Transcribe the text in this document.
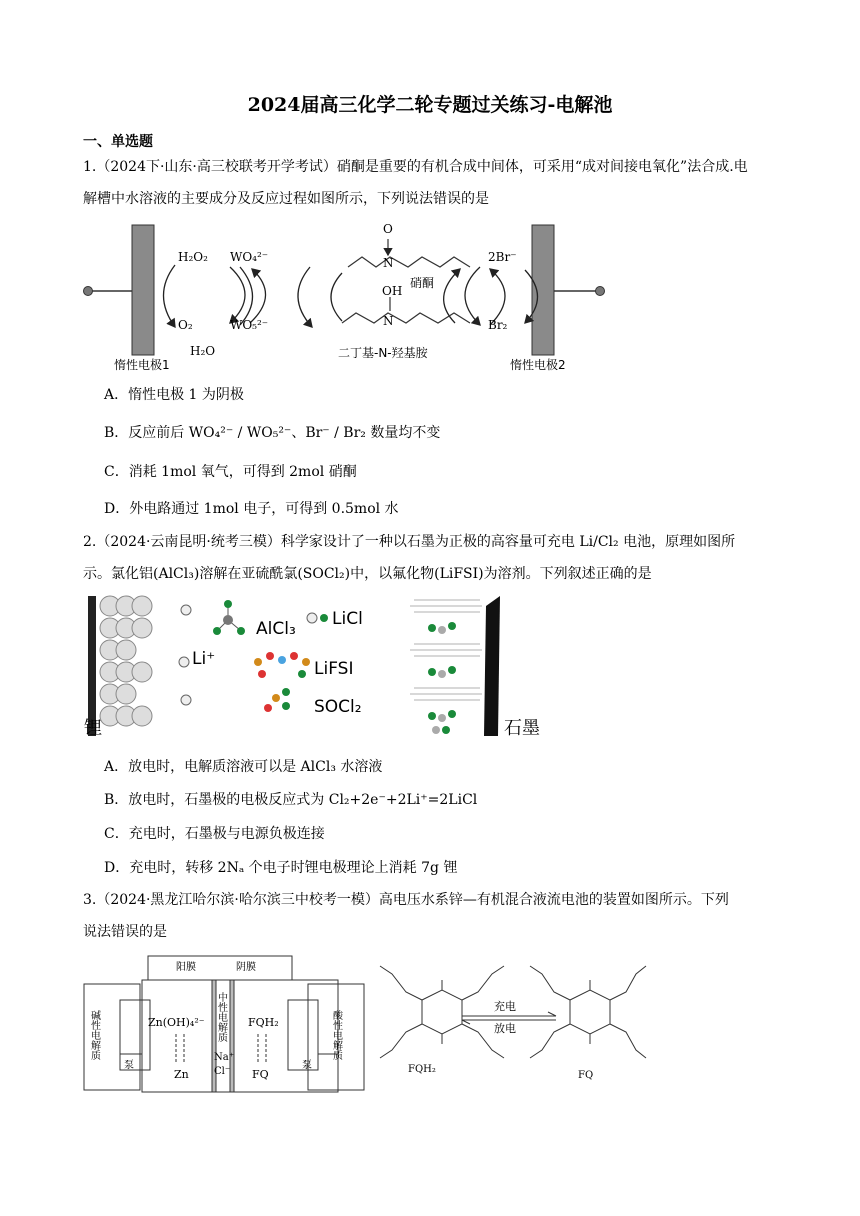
2024届高三化学二轮专题过关练习-电解池
一、单选题
1.（2024下·山东·高三校联考开学考试）硝酮是重要的有机合成中间体，可采用“成对间接电氧化”法合成.电
解槽中水溶液的主要成分及反应过程如图所示，下列说法错误的是
H₂O₂
O₂
H₂O
WO₄²⁻
WO₅²⁻
O
N
硝酮
OH
N
二丁基-N-羟基胺
2Br⁻
Br₂
惰性电极1	惰性电极2
A．惰性电极 1 为阴极
B．反应前后 WO₄²⁻ / WO₅²⁻、Br⁻ / Br₂ 数量均不变
C．消耗 1mol 氧气，可得到 2mol 硝酮
D．外电路通过 1mol 电子，可得到 0.5mol 水
2.（2024·云南昆明·统考三模）科学家设计了一种以石墨为正极的高容量可充电 Li/Cl₂ 电池，原理如图所
示。氯化铝(AlCl₃)溶解在亚硫酰氯(SOCl₂)中，以氟化物(LiFSI)为溶剂。下列叙述正确的是
锂
AlCl₃ LiCl
Li⁺	LiFSI
SOCl₂
石墨
A．放电时，电解质溶液可以是 AlCl₃ 水溶液
B．放电时，石墨极的电极反应式为 Cl₂+2e⁻+2Li⁺=2LiCl
C．充电时，石墨极与电源负极连接
D．充电时，转移 2Nₐ 个电子时锂电极理论上消耗 7g 锂
3.（2024·黑龙江哈尔滨·哈尔滨三中校考一模）高电压水系锌—有机混合液流电池的装置如图所示。下列
说法错误的是
阳膜	阴膜
碱性电解质	中性电解质	酸性电解质
泵	泵
Zn(OH)₄²⁻
Zn
FQH₂
FQ
Na⁺
Cl⁻	FQH₂
充电
放电
FQ
